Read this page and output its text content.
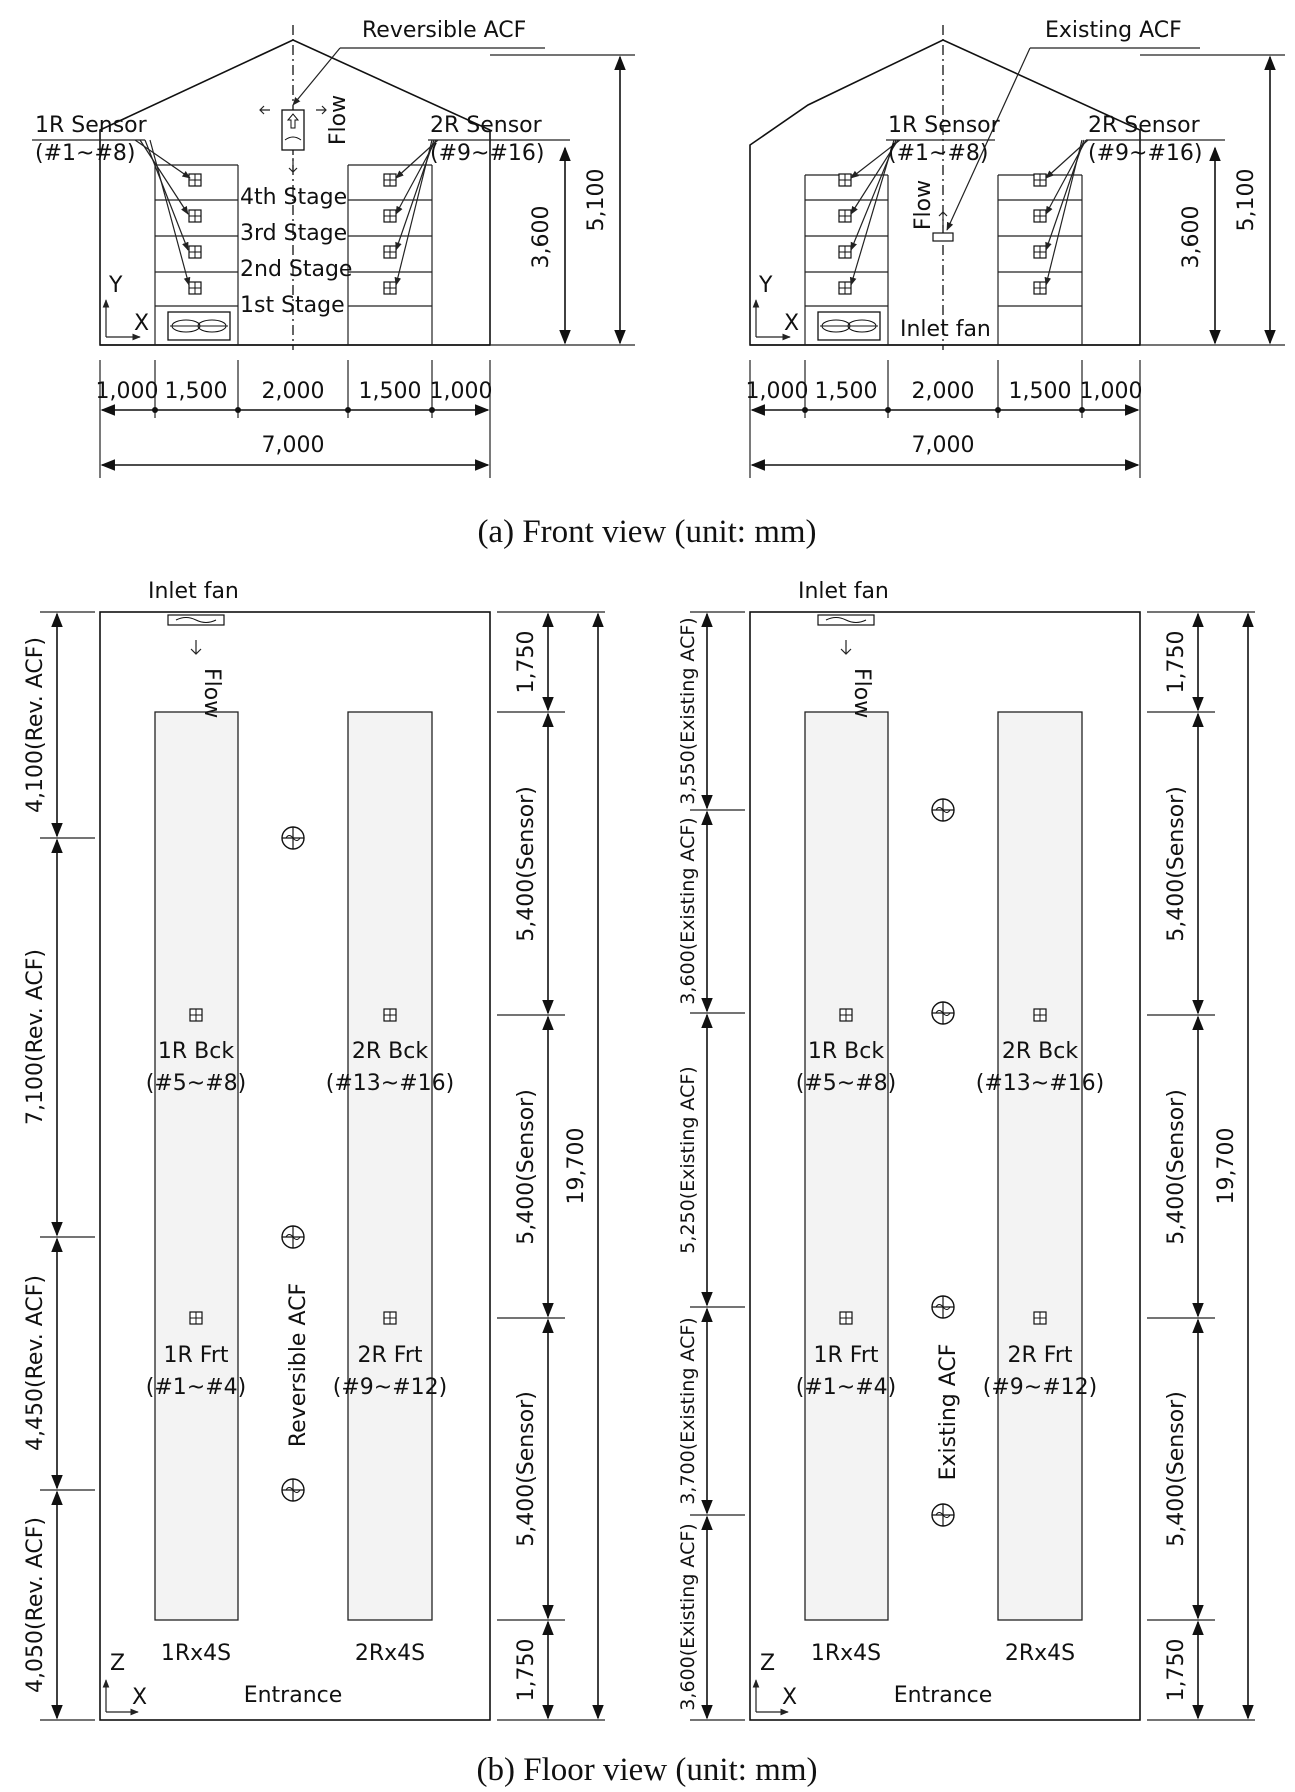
Reversible ACF
Flow
1R Sensor
(#1~#8)
2R Sensor
(#9~#16)
4th Stage
3rd Stage
2nd Stage
1st Stage
Y
X
3,600
5,100
1,000 1,500 2,000 1,500 1,000
7,000
Existing ACF
Flow
1R Sensor
(#1~#8)
2R Sensor
(#9~#16)
Inlet fan
Y
X
3,600
5,100
1,000 1,500 2,000 1,500 1,000
7,000
(a) Front view (unit: mm)
Inlet fan
Flow
1R Bck
(#5~#8)
2R Bck
(#13~#16)
1R Frt
(#1~#4)
2R Frt
(#9~#12)
Reversible ACF
1Rx4S	2Rx4S
Entrance
Z
X
4,100(Rev. ACF)
7,100(Rev. ACF)
4,450(Rev. ACF)
4,050(Rev. ACF)
1,750
5,400(Sensor)
5,400(Sensor)
5,400(Sensor)
1,750
19,700
Inlet fan
Flow
1R Bck
(#5~#8)
2R Bck
(#13~#16)
1R Frt
(#1~#4)
2R Frt
(#9~#12)
Existing ACF
1Rx4S	2Rx4S
Entrance
Z
X
3,550(Existing ACF)
3,600(Existing ACF)
5,250(Existing ACF)
3,700(Existing ACF)
3,600(Existing ACF)
1,750
5,400(Sensor)
5,400(Sensor)
5,400(Sensor)
1,750
19,700
(b) Floor view (unit: mm)
